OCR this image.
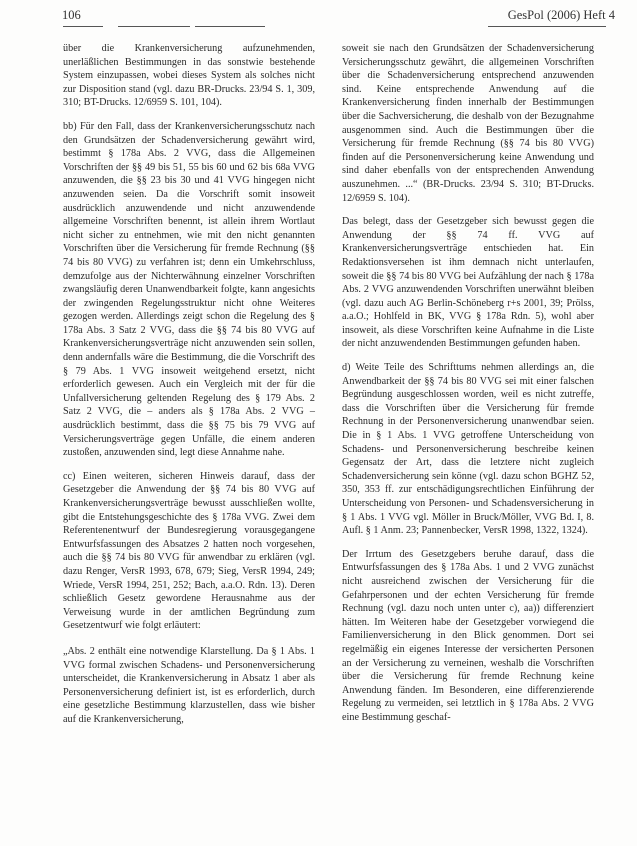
106	GesPol (2006) Heft 4

über die Krankenversicherung aufzunehmenden, unerläßlichen Bestimmungen in das sonstwie bestehende System einzupassen, wobei dieses System als solches nicht zur Disposition stand (vgl. dazu BR-Drucks. 23/94 S. 1, 309, 310; BT-Drucks. 12/6959 S. 101, 104).

bb) Für den Fall, dass der Krankenversicherungsschutz nach den Grundsätzen der Schadenversicherung gewährt wird, bestimmt § 178a Abs. 2 VVG, dass die Allgemeinen Vorschriften der §§ 49 bis 51, 55 bis 60 und 62 bis 68a VVG anzuwenden, die §§ 23 bis 30 und 41 VVG hingegen nicht anzuwenden seien. Da die Vorschrift somit insoweit ausdrücklich anzuwendende und nicht anzuwendende allgemeine Vorschriften benennt, ist allein ihrem Wortlaut nicht sicher zu entnehmen, wie mit den nicht genannten Vorschriften über die Versicherung für fremde Rechnung (§§ 74 bis 80 VVG) zu verfahren ist; denn ein Umkehrschluss, demzufolge aus der Nichterwähnung einzelner Vorschriften zwangsläufig deren Unanwendbarkeit folgte, kann angesichts der zwingenden Regelungsstruktur nicht ohne Weiteres gezogen werden. Allerdings zeigt schon die Regelung des § 178a Abs. 3 Satz 2 VVG, dass die §§ 74 bis 80 VVG auf Krankenversicherungsverträge nicht anzuwenden sein sollen, denn andernfalls wäre die Bestimmung, die die Vorschrift des § 79 Abs. 1 VVG insoweit weitgehend ersetzt, nicht erforderlich gewesen. Auch ein Vergleich mit der für die Unfallversicherung geltenden Regelung des § 179 Abs. 2 Satz 2 VVG, die – anders als § 178a Abs. 2 VVG – ausdrücklich bestimmt, dass die §§ 75 bis 79 VVG auf Versicherungsverträge gegen Unfälle, die einem anderen zustoßen, anzuwenden sind, legt diese Annahme nahe.

cc) Einen weiteren, sicheren Hinweis darauf, dass der Gesetzgeber die Anwendung der §§ 74 bis 80 VVG auf Krankenversicherungsverträge bewusst ausschließen wollte, gibt die Entstehungsgeschichte des § 178a VVG. Zwei dem Referentenentwurf der Bundesregierung vorausgegangene Entwurfsfassungen des Absatzes 2 hatten noch vorgesehen, auch die §§ 74 bis 80 VVG für anwendbar zu erklären (vgl. dazu Renger, VersR 1993, 678, 679; Sieg, VersR 1994, 249; Wriede, VersR 1994, 251, 252; Bach, a.a.O. Rdn. 13). Deren schließlich Gesetz gewordene Herausnahme aus der Verweisung wurde in der amtlichen Begründung zum Gesetzentwurf wie folgt erläutert:

„Abs. 2 enthält eine notwendige Klarstellung. Da § 1 Abs. 1 VVG formal zwischen Schadens- und Personenversicherung unterscheidet, die Krankenversicherung in Absatz 1 aber als Personenversicherung definiert ist, ist es erforderlich, durch eine gesetzliche Bestimmung klarzustellen, dass wie bisher auf die Krankenversicherung,

soweit sie nach den Grundsätzen der Schadenversicherung Versicherungsschutz gewährt, die allgemeinen Vorschriften über die Schadenversicherung entsprechend anzuwenden sind. Keine entsprechende Anwendung auf die Krankenversicherung finden innerhalb der Bestimmungen über die Sachversicherung, die deshalb von der Bezugnahme ausgenommen sind. Auch die Bestimmungen über die Versicherung für fremde Rechnung (§§ 74 bis 80 VVG) finden auf die Personenversicherung keine Anwendung und sind daher ebenfalls von der entsprechenden Anwendung auszunehmen. ...“ (BR-Drucks. 23/94 S. 310; BT-Drucks. 12/6959 S. 104).

Das belegt, dass der Gesetzgeber sich bewusst gegen die Anwendung der §§ 74 ff. VVG auf Krankenversicherungsverträge entschieden hat. Ein Redaktionsversehen ist ihm demnach nicht unterlaufen, soweit die §§ 74 bis 80 VVG bei Aufzählung der nach § 178a Abs. 2 VVG anzuwendenden Vorschriften unerwähnt bleiben (vgl. dazu auch AG Berlin-Schöneberg r+s 2001, 39; Prölss, a.a.O.; Hohlfeld in BK, VVG § 178a Rdn. 5), wohl aber insoweit, als diese Vorschriften keine Aufnahme in die Liste der nicht anzuwendenden Bestimmungen gefunden haben.

d) Weite Teile des Schrifttums nehmen allerdings an, die Anwendbarkeit der §§ 74 bis 80 VVG sei mit einer falschen Begründung ausgeschlossen worden, weil es nicht zutreffe, dass die Vorschriften über die Versicherung für fremde Rechnung in der Personenversicherung unanwendbar seien. Die in § 1 Abs. 1 VVG getroffene Unterscheidung von Schadens- und Personenversicherung beschreibe keinen Gegensatz der Art, dass die letztere nicht zugleich Schadenversicherung sein könne (vgl. dazu schon BGHZ 52, 350, 353 ff. zur entschädigungsrechtlichen Einführung der Unterscheidung von Personen- und Schadensversicherung in § 1 Abs. 1 VVG vgl. Möller in Bruck/Möller, VVG Bd. I, 8. Aufl. § 1 Anm. 23; Pannenbecker, VersR 1998, 1322, 1324).

Der Irrtum des Gesetzgebers beruhe darauf, dass die Entwurfsfassungen des § 178a Abs. 1 und 2 VVG zunächst nicht ausreichend zwischen der Versicherung für die Gefahrpersonen und der echten Versicherung für fremde Rechnung (vgl. dazu noch unten unter c), aa)) differenziert hätten. Im Weiteren habe der Gesetzgeber vorwiegend die Familienversicherung in den Blick genommen. Dort sei regelmäßig ein eigenes Interesse der versicherten Personen an der Versicherung zu verneinen, weshalb die Vorschriften über die Versicherung für fremde Rechnung keine Anwendung fänden. Im Besonderen, eine differenzierende Regelung zu vermeiden, sei letztlich in § 178a Abs. 2 VVG eine Bestimmung geschaf-
